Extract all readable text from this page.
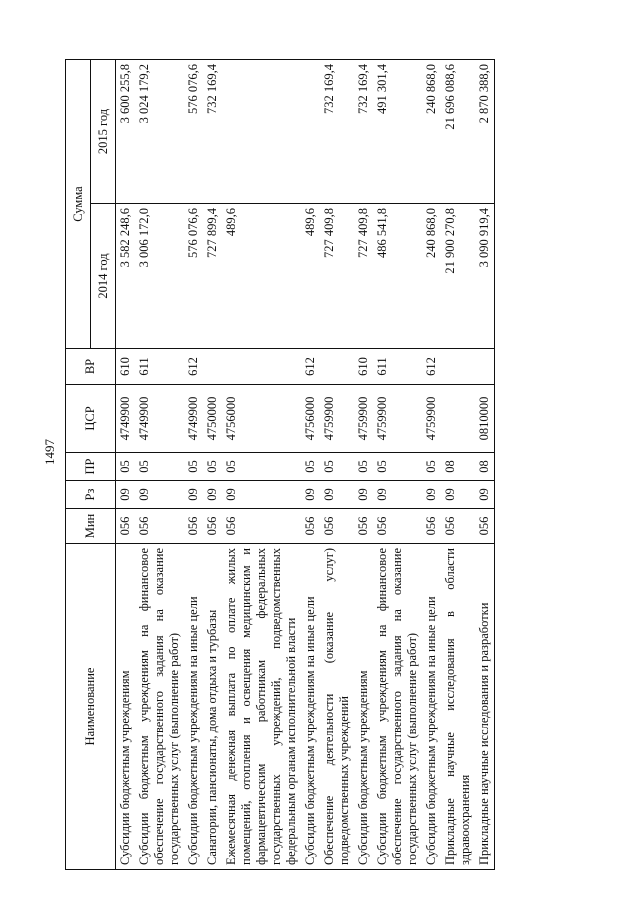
1497
Наименование	Мин	Рз	ПР	ЦСР	ВР	Сумма	
						2014 год	2015 год
Субсидии бюджетным учреждениям	056	09	05	4749900	610	3 582 248,6	3 600 255,8
Субсидии бюджетным учреждениям на финансовое обеспечение государственного задания на оказание государственных услуг (выполнение работ)	056	09	05	4749900	611	3 006 172,0	3 024 179,2
Субсидии бюджетным учреждениям на иные цели	056	09	05	4749900	612	576 076,6	576 076,6
Санатории, пансионаты, дома отдыха и турбазы	056	09	05	4750000		727 899,4	732 169,4
Ежемесячная денежная выплата по оплате жилых помещений, отопления и освещения медицинским и фармацевтическим работникам федеральных государственных учреждений, подведомственных федеральным органам исполнительной власти	056	09	05	4756000		489,6	
Субсидии бюджетным учреждениям на иные цели	056	09	05	4756000	612	489,6	
Обеспечение деятельности (оказание услуг) подведомственных учреждений	056	09	05	4759900		727 409,8	732 169,4
Субсидии бюджетным учреждениям	056	09	05	4759900	610	727 409,8	732 169,4
Субсидии бюджетным учреждениям на финансовое обеспечение государственного задания на оказание государственных услуг (выполнение работ)	056	09	05	4759900	611	486 541,8	491 301,4
Субсидии бюджетным учреждениям на иные цели	056	09	05	4759900	612	240 868,0	240 868,0
Прикладные научные исследования в области здравоохранения	056	09	08			21 900 270,8	21 696 088,6
Прикладные научные исследования и разработки	056	09	08	0810000		3 090 919,4	2 870 388,0
